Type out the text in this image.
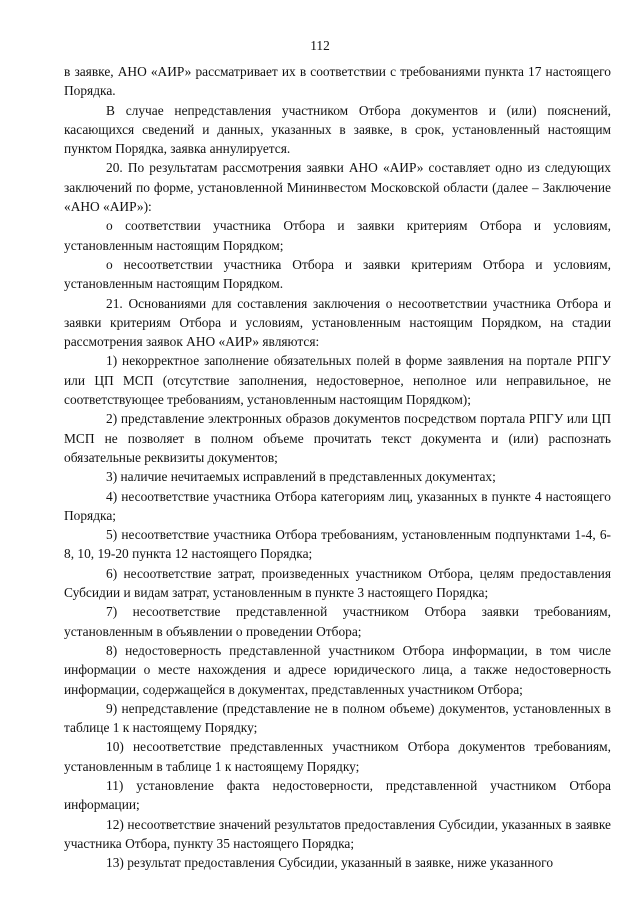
112

в заявке, АНО «АИР» рассматривает их в соответствии с требованиями пункта 17 настоящего Порядка.

В случае непредставления участником Отбора документов и (или) пояснений, касающихся сведений и данных, указанных в заявке, в срок, установленный настоящим пунктом Порядка, заявка аннулируется.

20. По результатам рассмотрения заявки АНО «АИР» составляет одно из следующих заключений по форме, установленной Мининвестом Московской области (далее – Заключение «АНО «АИР»):

о соответствии участника Отбора и заявки критериям Отбора и условиям, установленным настоящим Порядком;

о несоответствии участника Отбора и заявки критериям Отбора и условиям, установленным настоящим Порядком.

21. Основаниями для составления заключения о несоответствии участника Отбора и заявки критериям Отбора и условиям, установленным настоящим Порядком, на стадии рассмотрения заявок АНО «АИР» являются:

1) некорректное заполнение обязательных полей в форме заявления на портале РПГУ или ЦП МСП (отсутствие заполнения, недостоверное, неполное или неправильное, не соответствующее требованиям, установленным настоящим Порядком);

2) представление электронных образов документов посредством портала РПГУ или ЦП МСП не позволяет в полном объеме прочитать текст документа и (или) распознать обязательные реквизиты документов;

3) наличие нечитаемых исправлений в представленных документах;

4) несоответствие участника Отбора категориям лиц, указанных в пункте 4 настоящего Порядка;

5) несоответствие участника Отбора требованиям, установленным подпунктами 1-4, 6-8, 10, 19-20 пункта 12 настоящего Порядка;

6) несоответствие затрат, произведенных участником Отбора, целям предоставления Субсидии и видам затрат, установленным в пункте 3 настоящего Порядка;

7) несоответствие представленной участником Отбора заявки требованиям, установленным в объявлении о проведении Отбора;

8) недостоверность представленной участником Отбора информации, в том числе информации о месте нахождения и адресе юридического лица, а также недостоверность информации, содержащейся в документах, представленных участником Отбора;

9) непредставление (представление не в полном объеме) документов, установленных в таблице 1 к настоящему Порядку;

10) несоответствие представленных участником Отбора документов требованиям, установленным в таблице 1 к настоящему Порядку;

11) установление факта недостоверности, представленной участником Отбора информации;

12) несоответствие значений результатов предоставления Субсидии, указанных в заявке участника Отбора, пункту 35 настоящего Порядка;

13) результат предоставления Субсидии, указанный в заявке, ниже указанного
